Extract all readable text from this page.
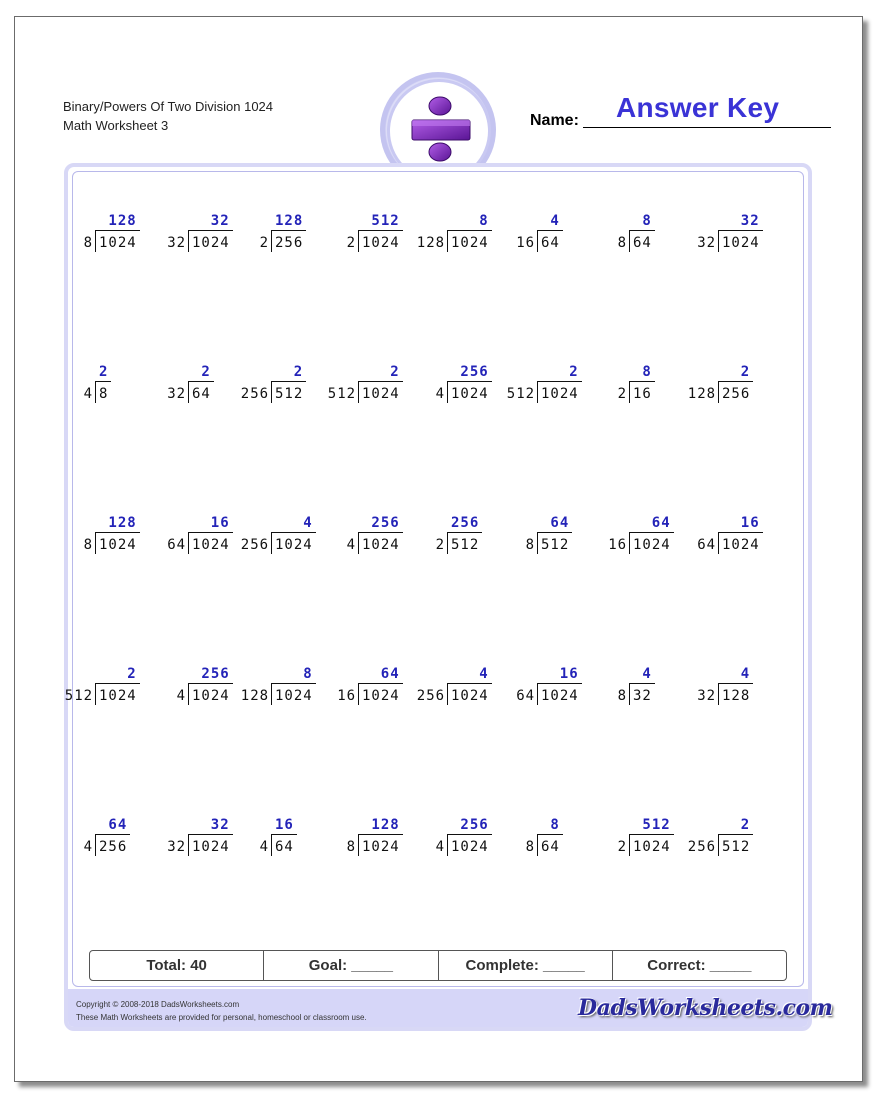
Binary/Powers Of Two Division 1024
Math Worksheet 3	Name: Answer Key
128
8 1024
32
32 1024
128
2 256
512
2 1024
8
128 1024
4
16 64
8
8 64
32
32 1024
2
4 8
2
32 64
2
256 512
2
512 1024
256
4 1024
2
512 1024
8
2 16
2
128 256
128
8 1024
16
64 1024
4
256 1024
256
4 1024
256
2 512
64
8 512
64
16 1024
16
64 1024
2
512 1024
256
4 1024
8
128 1024
64
16 1024
4
256 1024
16
64 1024
4
8 32
4
32 128
64
4 256
32
32 1024
16
4 64
128
8 1024
256
4 1024
8
8 64
512
2 1024
2
256 512
Total: 40	Goal: _____	Complete: _____	Correct: _____
Copyright © 2008-2018 DadsWorksheets.com
These Math Worksheets are provided for personal, homeschool or classroom use.	DadsWorksheets.com
